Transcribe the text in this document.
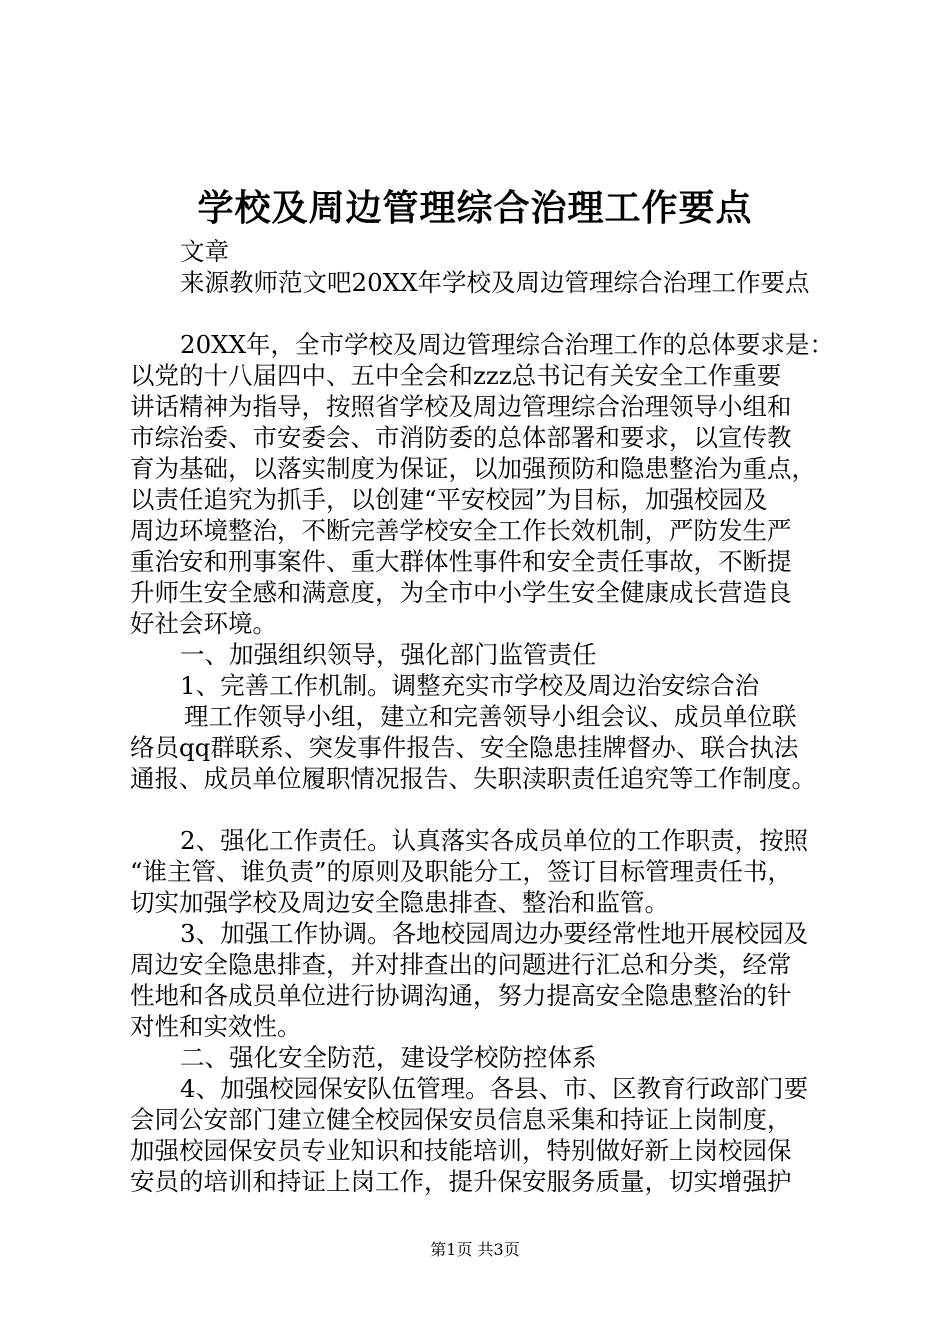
学校及周边管理综合治理工作要点
文章
来源教师范文吧20XX年学校及周边管理综合治理工作要点
20XX年，全市学校及周边管理综合治理工作的总体要求是：
以党的十八届四中、五中全会和zzz总书记有关安全工作重要
讲话精神为指导，按照省学校及周边管理综合治理领导小组和
市综治委、市安委会、市消防委的总体部署和要求，以宣传教
育为基础，以落实制度为保证，以加强预防和隐患整治为重点，
以责任追究为抓手，以创建“平安校园”为目标，加强校园及
周边环境整治，不断完善学校安全工作长效机制，严防发生严
重治安和刑事案件、重大群体性事件和安全责任事故，不断提
升师生安全感和满意度，为全市中小学生安全健康成长营造良
好社会环境。
一、加强组织领导，强化部门监管责任
1、完善工作机制。调整充实市学校及周边治安综合治
理工作领导小组，建立和完善领导小组会议、成员单位联
络员qq群联系、突发事件报告、安全隐患挂牌督办、联合执法
通报、成员单位履职情况报告、失职渎职责任追究等工作制度。
2、强化工作责任。认真落实各成员单位的工作职责，按照
“谁主管、谁负责”的原则及职能分工，签订目标管理责任书，
切实加强学校及周边安全隐患排查、整治和监管。
3、加强工作协调。各地校园周边办要经常性地开展校园及
周边安全隐患排查，并对排查出的问题进行汇总和分类，经常
性地和各成员单位进行协调沟通，努力提高安全隐患整治的针
对性和实效性。
二、强化安全防范，建设学校防控体系
4、加强校园保安队伍管理。各县、市、区教育行政部门要
会同公安部门建立健全校园保安员信息采集和持证上岗制度，
加强校园保安员专业知识和技能培训，特别做好新上岗校园保
安员的培训和持证上岗工作，提升保安服务质量，切实增强护
第1页 共3页
